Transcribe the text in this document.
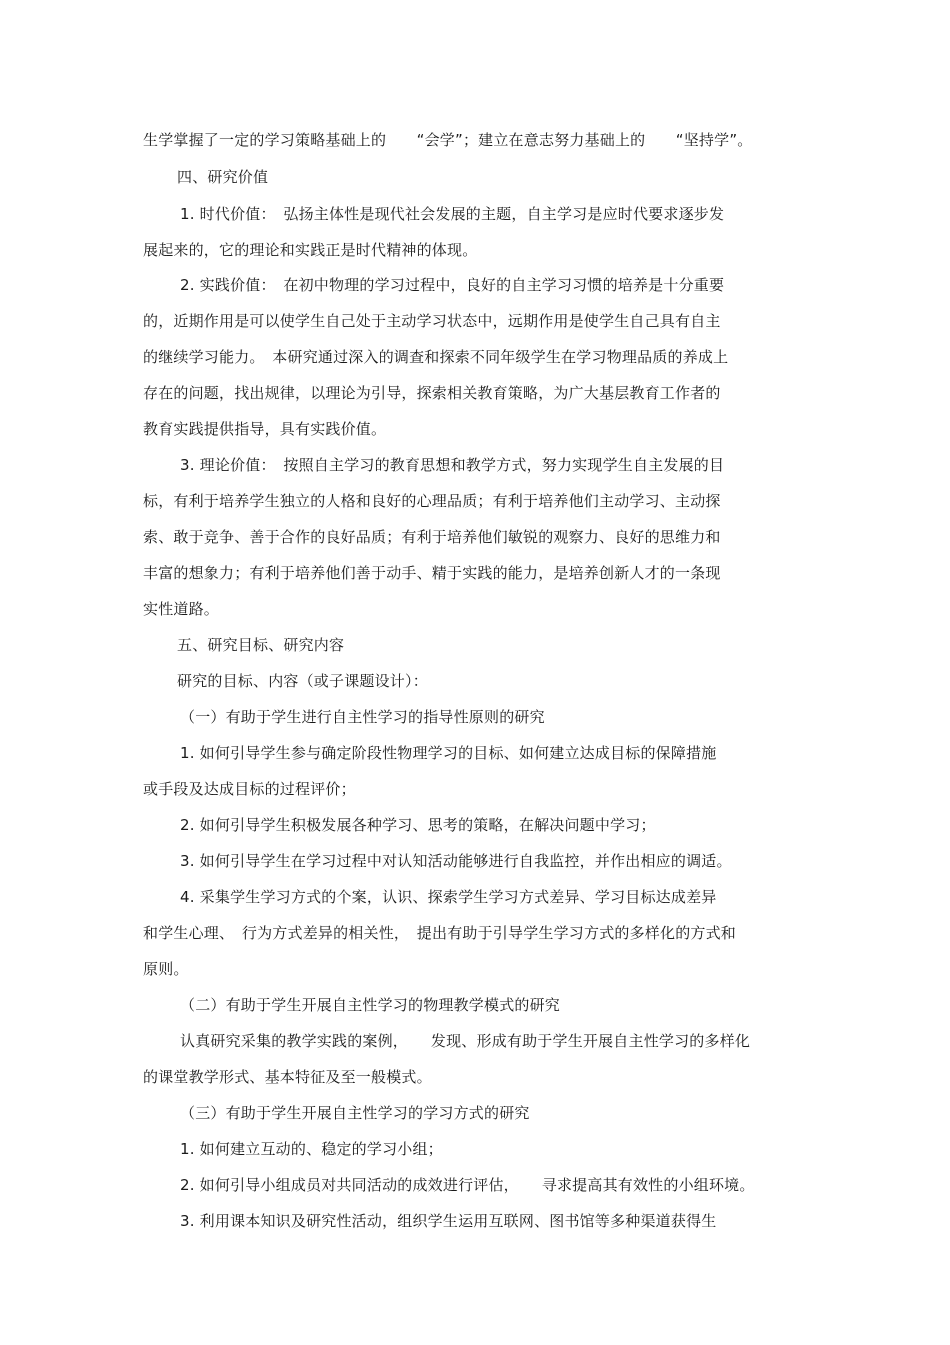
生学掌握了一定的学习策略基础上的　　“会学”；建立在意志努力基础上的　　“坚持学”。
四、研究价值
1. 时代价值：　弘扬主体性是现代社会发展的主题，自主学习是应时代要求逐步发
展起来的，它的理论和实践正是时代精神的体现。
2. 实践价值：　在初中物理的学习过程中，良好的自主学习习惯的培养是十分重要
的，近期作用是可以使学生自己处于主动学习状态中，远期作用是使学生自己具有自主
的继续学习能力。　本研究通过深入的调查和探索不同年级学生在学习物理品质的养成上
存在的问题，找出规律，以理论为引导，探索相关教育策略，为广大基层教育工作者的
教育实践提供指导，具有实践价值。
3. 理论价值：　按照自主学习的教育思想和教学方式，努力实现学生自主发展的目
标，有利于培养学生独立的人格和良好的心理品质；有利于培养他们主动学习、主动探
索、敢于竞争、善于合作的良好品质；有利于培养他们敏锐的观察力、良好的思维力和
丰富的想象力；有利于培养他们善于动手、精于实践的能力，是培养创新人才的一条现
实性道路。
五、研究目标、研究内容
研究的目标、内容（或子课题设计）：
（一）有助于学生进行自主性学习的指导性原则的研究
1. 如何引导学生参与确定阶段性物理学习的目标、如何建立达成目标的保障措施
或手段及达成目标的过程评价；
2. 如何引导学生积极发展各种学习、思考的策略，在解决问题中学习；
3. 如何引导学生在学习过程中对认知活动能够进行自我监控，并作出相应的调适。
4. 采集学生学习方式的个案，认识、探索学生学习方式差异、学习目标达成差异
和学生心理、　行为方式差异的相关性，　提出有助于引导学生学习方式的多样化的方式和
原则。
（二）有助于学生开展自主性学习的物理教学模式的研究
认真研究采集的教学实践的案例，　　发现、形成有助于学生开展自主性学习的多样化
的课堂教学形式、基本特征及至一般模式。
（三）有助于学生开展自主性学习的学习方式的研究
1. 如何建立互动的、稳定的学习小组；
2. 如何引导小组成员对共同活动的成效进行评估，　　寻求提高其有效性的小组环境。
3. 利用课本知识及研究性活动，组织学生运用互联网、图书馆等多种渠道获得生
